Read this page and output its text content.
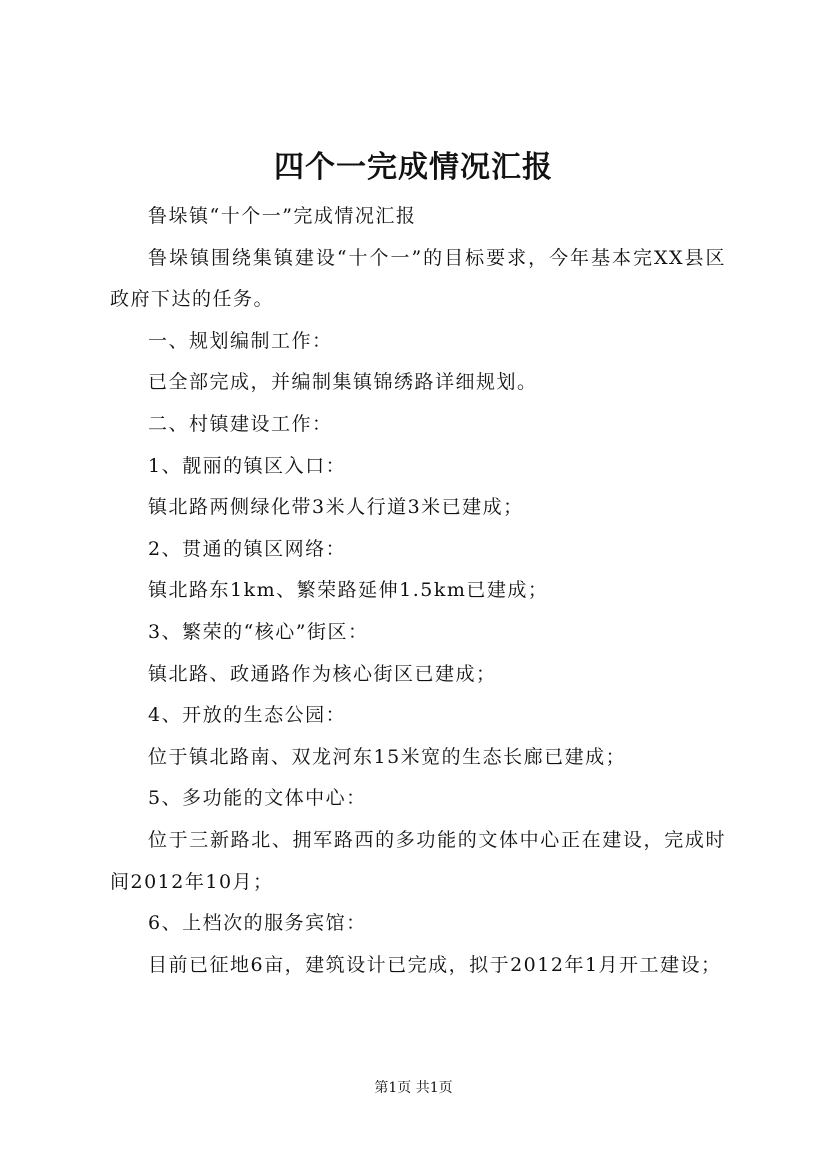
四个一完成情况汇报

鲁垛镇“十个一”完成情况汇报

鲁垛镇围绕集镇建设“十个一”的目标要求，今年基本完XX县区政府下达的任务。

一、规划编制工作：

已全部完成，并编制集镇锦绣路详细规划。

二、村镇建设工作：

1、靓丽的镇区入口：

镇北路两侧绿化带3米人行道3米已建成；

2、贯通的镇区网络：

镇北路东1km、繁荣路延伸1.5km已建成；

3、繁荣的“核心”街区：

镇北路、政通路作为核心街区已建成；

4、开放的生态公园：

位于镇北路南、双龙河东15米宽的生态长廊已建成；

5、多功能的文体中心：

位于三新路北、拥军路西的多功能的文体中心正在建设，完成时间2012年10月；

6、上档次的服务宾馆：

目前已征地6亩，建筑设计已完成，拟于2012年1月开工建设；

第1页 共1页
